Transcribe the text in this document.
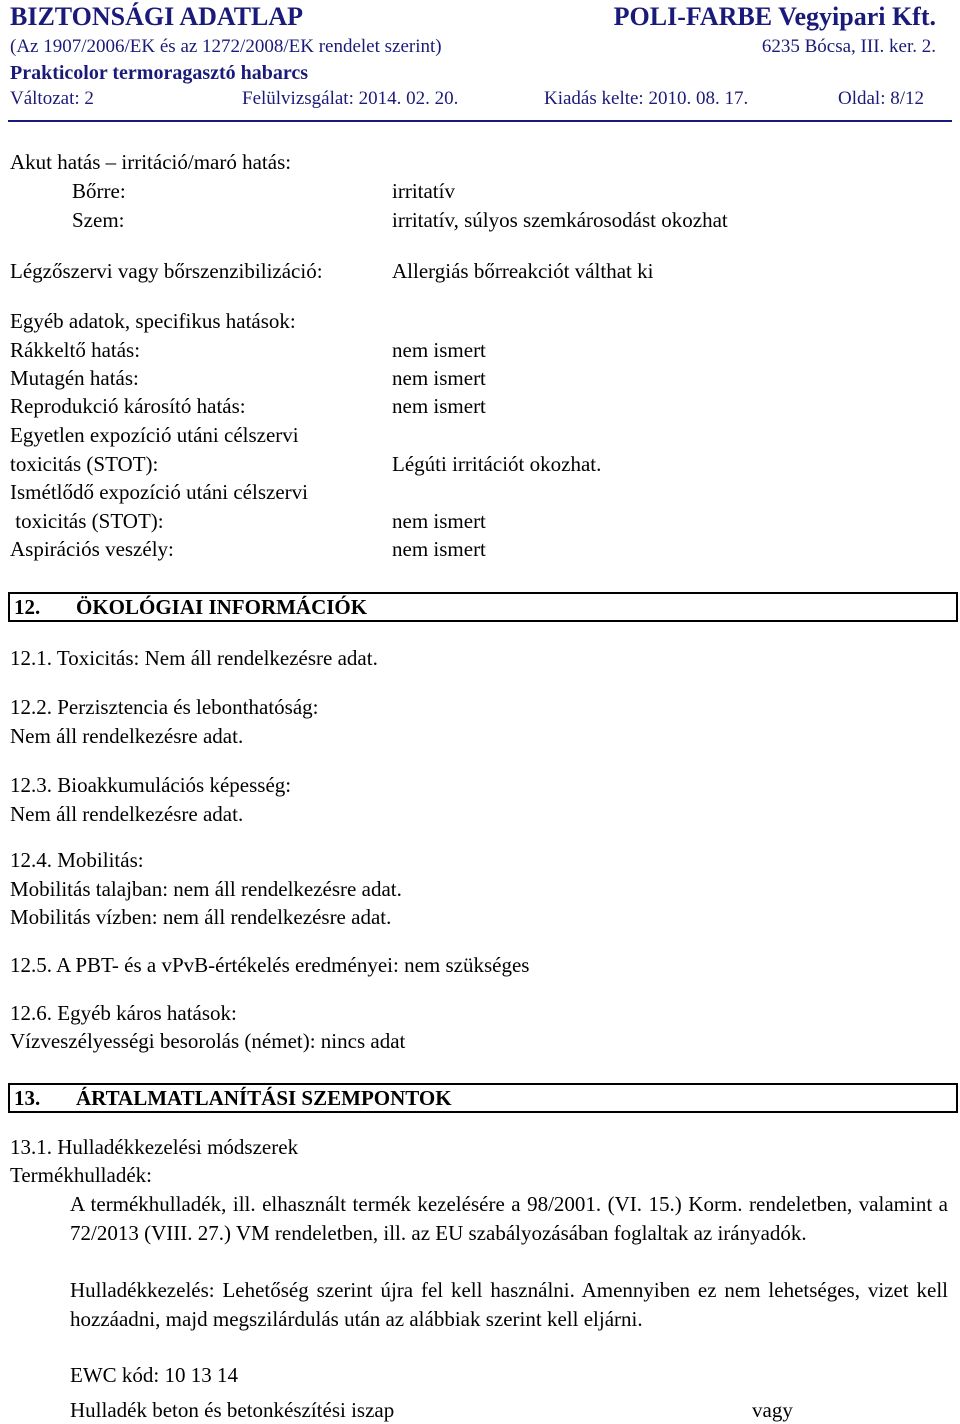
BIZTONSÁGI ADATLAP	POLI-FARBE Vegyipari Kft.
(Az 1907/2006/EK és az 1272/2008/EK rendelet szerint)	6235 Bócsa, III. ker. 2.
Prakticolor termoragasztó habarcs
Változat: 2	Felülvizsgálat: 2014. 02. 20.	Kiadás kelte: 2010. 08. 17.	Oldal: 8/12
Akut hatás – irritáció/maró hatás:
Bőrre:	irritatív
Szem:	irritatív, súlyos szemkárosodást okozhat
Légzőszervi vagy bőrszenzibilizáció:	Allergiás bőrreakciót válthat ki
Egyéb adatok, specifikus hatások:
Rákkeltő hatás:	nem ismert
Mutagén hatás:	nem ismert
Reprodukció károsító hatás:	nem ismert
Egyetlen expozíció utáni célszervi
toxicitás (STOT):	Légúti irritációt okozhat.
Ismétlődő expozíció utáni célszervi
toxicitás (STOT):	nem ismert
Aspirációs veszély:	nem ismert
12. ÖKOLÓGIAI INFORMÁCIÓK
12.1. Toxicitás: Nem áll rendelkezésre adat.
12.2. Perzisztencia és lebonthatóság:
Nem áll rendelkezésre adat.
12.3. Bioakkumulációs képesség:
Nem áll rendelkezésre adat.
12.4. Mobilitás:
Mobilitás talajban: nem áll rendelkezésre adat.
Mobilitás vízben: nem áll rendelkezésre adat.
12.5. A PBT- és a vPvB-értékelés eredményei: nem szükséges
12.6. Egyéb káros hatások:
Vízveszélyességi besorolás (német): nincs adat
13. ÁRTALMATLANÍTÁSI SZEMPONTOK
13.1. Hulladékkezelési módszerek
Termékhulladék:
A termékhulladék, ill. elhasznált termék kezelésére a 98/2001. (VI. 15.) Korm. rendeletben, valamint a 72/2013 (VIII. 27.) VM rendeletben, ill. az EU szabályozásában foglaltak az irányadók.
Hulladékkezelés: Lehetőség szerint újra fel kell használni. Amennyiben ez nem lehetséges, vizet kell hozzáadni, majd megszilárdulás után az alábbiak szerint kell eljárni.
EWC kód: 10 13 14
Hulladék beton és betonkészítési iszap	vagy
